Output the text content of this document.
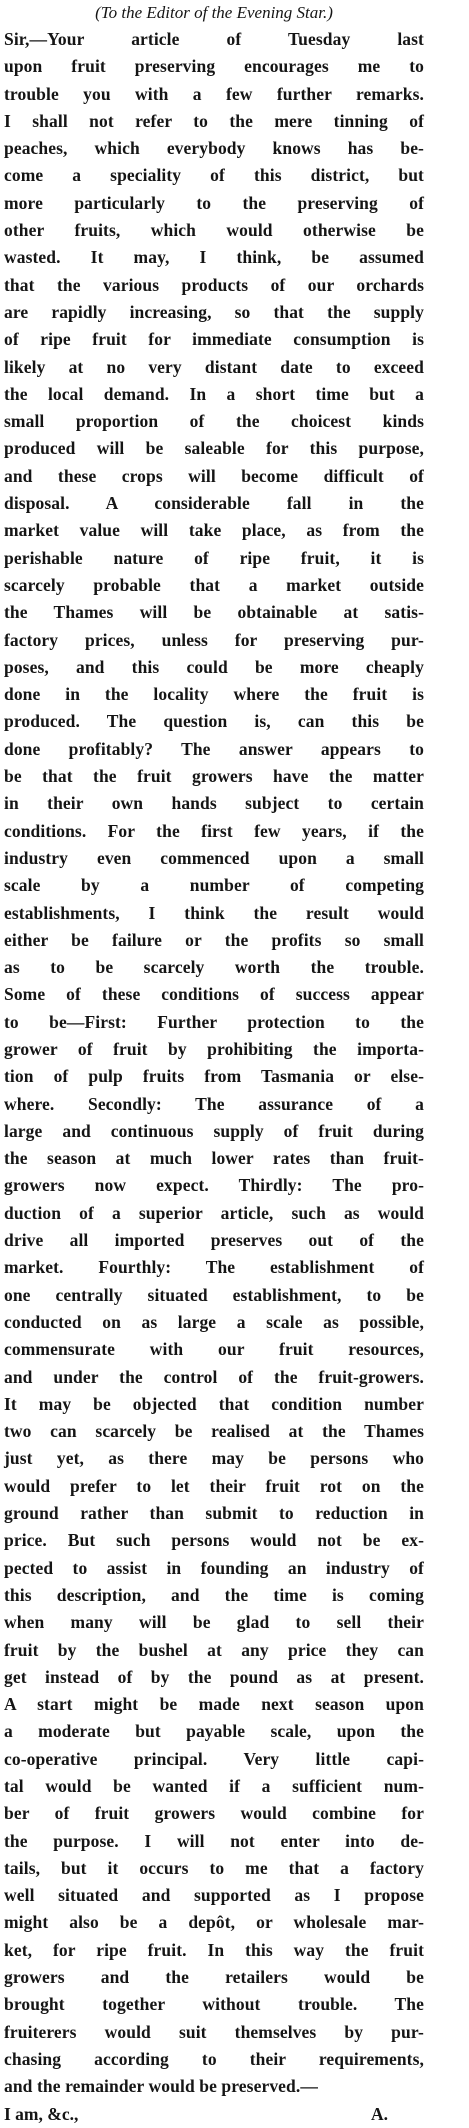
(To the Editor of the Evening Star.)

Sir,—Your article of Tuesday last
upon fruit preserving encourages me to
trouble you with a few further remarks.
I shall not refer to the mere tinning of
peaches, which everybody knows has be-
come a speciality of this district, but
more particularly to the preserving of
other fruits, which would otherwise be
wasted. It may, I think, be assumed
that the various products of our orchards
are rapidly increasing, so that the supply
of ripe fruit for immediate consumption is
likely at no very distant date to exceed
the local demand. In a short time but a
small proportion of the choicest kinds
produced will be saleable for this purpose,
and these crops will become difficult of
disposal. A considerable fall in the
market value will take place, as from the
perishable nature of ripe fruit, it is
scarcely probable that a market outside
the Thames will be obtainable at satis-
factory prices, unless for preserving pur-
poses, and this could be more cheaply
done in the locality where the fruit is
produced. The question is, can this be
done profitably? The answer appears to
be that the fruit growers have the matter
in their own hands subject to certain
conditions. For the first few years, if the
industry even commenced upon a small
scale by a number of competing
establishments, I think the result would
either be failure or the profits so small
as to be scarcely worth the trouble.
Some of these conditions of success appear
to be—First: Further protection to the
grower of fruit by prohibiting the importa-
tion of pulp fruits from Tasmania or else-
where. Secondly: The assurance of a
large and continuous supply of fruit during
the season at much lower rates than fruit-
growers now expect. Thirdly: The pro-
duction of a superior article, such as would
drive all imported preserves out of the
market. Fourthly: The establishment of
one centrally situated establishment, to be
conducted on as large a scale as possible,
commensurate with our fruit resources,
and under the control of the fruit-growers.
It may be objected that condition number
two can scarcely be realised at the Thames
just yet, as there may be persons who
would prefer to let their fruit rot on the
ground rather than submit to reduction in
price. But such persons would not be ex-
pected to assist in founding an industry of
this description, and the time is coming
when many will be glad to sell their
fruit by the bushel at any price they can
get instead of by the pound as at present.
A start might be made next season upon
a moderate but payable scale, upon the
co-operative principal. Very little capi-
tal would be wanted if a sufficient num-
ber of fruit growers would combine for
the purpose. I will not enter into de-
tails, but it occurs to me that a factory
well situated and supported as I propose
might also be a depôt, or wholesale mar-
ket, for ripe fruit. In this way the fruit
growers and the retailers would be
brought together without trouble. The
fruiterers would suit themselves by pur-
chasing according to their requirements,
and the remainder would be preserved.—
I am, &c.,	A.
